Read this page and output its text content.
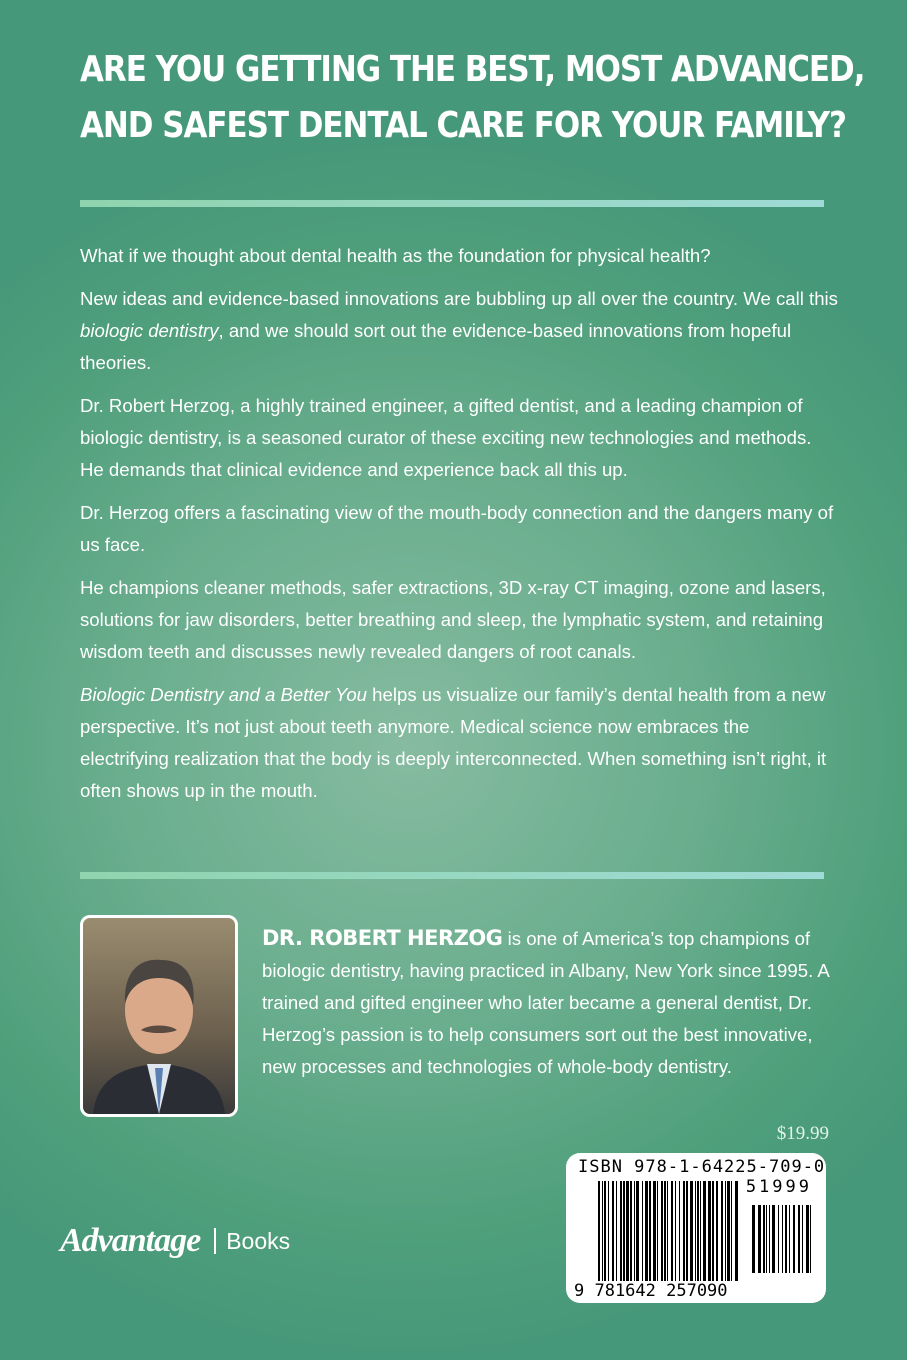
ARE YOU GETTING THE BEST, MOST ADVANCED,
AND SAFEST DENTAL CARE FOR YOUR FAMILY?

What if we thought about dental health as the foundation for physical health?

New ideas and evidence-based innovations are bubbling up all over the country. We call this biologic dentistry, and we should sort out the evidence-based innovations from hopeful theories.

Dr. Robert Herzog, a highly trained engineer, a gifted dentist, and a leading champion of biologic dentistry, is a seasoned curator of these exciting new technologies and methods. He demands that clinical evidence and experience back all this up.

Dr. Herzog offers a fascinating view of the mouth-body connection and the dangers many of us face.

He champions cleaner methods, safer extractions, 3D x-ray CT imaging, ozone and lasers, solutions for jaw disorders, better breathing and sleep, the lymphatic system, and retaining wisdom teeth and discusses newly revealed dangers of root canals.

Biologic Dentistry and a Better You helps us visualize our family’s dental health from a new perspective. It’s not just about teeth anymore. Medical science now embraces the electrifying realization that the body is deeply interconnected. When something isn’t right, it often shows up in the mouth.

DR. ROBERT HERZOG is one of America’s top champions of biologic dentistry, having practiced in Albany, New York since 1995. A trained and gifted engineer who later became a general dentist, Dr. Herzog’s passion is to help consumers sort out the best innovative, new processes and technologies of whole-body dentistry.
$19.99
ISBN 978-1-64225-709-0
51999
9 781642 257090
Advantage Books
